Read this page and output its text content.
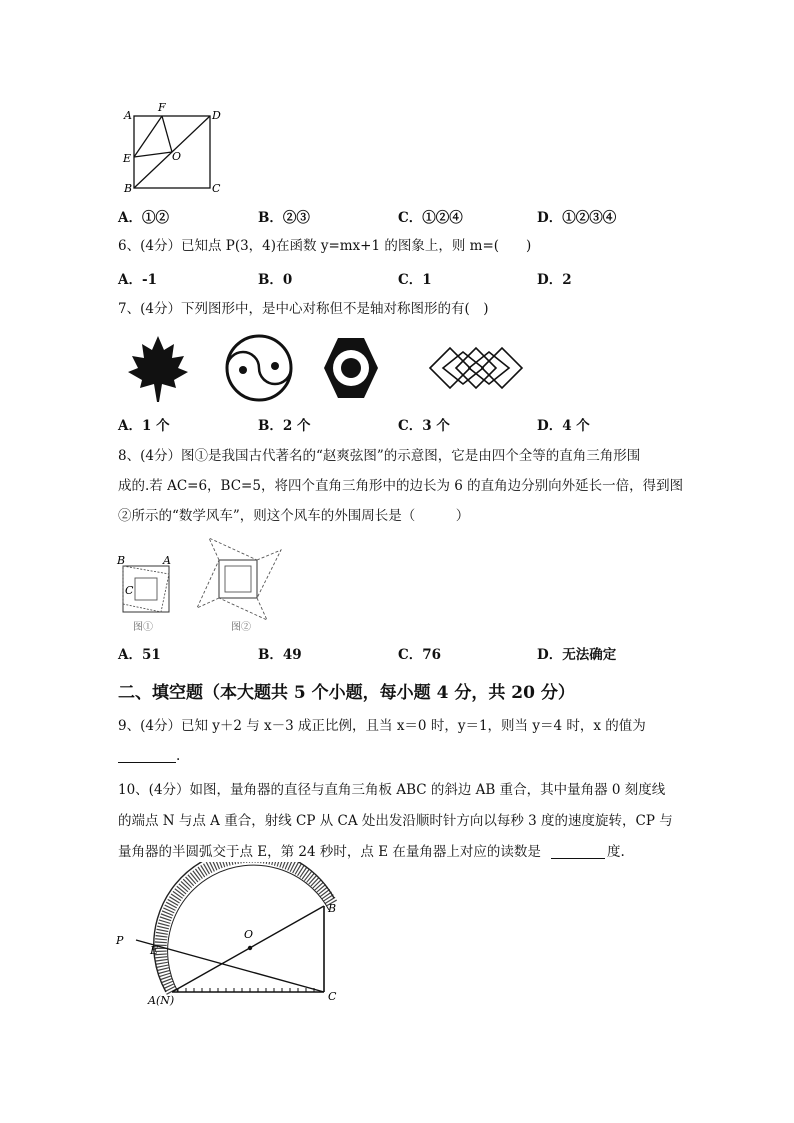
A
F
D
E	O
B	C
A．①②	B．②③	C．①②④	D．①②③④
6、(4分）已知点 P(3，4)在函数 y=mx+1 的图象上，则 m=(　　)
A．-1	B．0	C．1	D．2
7、(4分）下列图形中，是中心对称但不是轴对称图形的有(　)
A．1 个	B．2 个	C．3 个	D．4 个
8、(4分）图①是我国古代著名的“赵爽弦图”的示意图，它是由四个全等的直角三角形围
成的.若 AC=6，BC=5，将四个直角三角形中的边长为 6 的直角边分别向外延长一倍，得到图
②所示的“数学风车”，则这个风车的外围周长是（　　　）
B	A
C
图①	图②
A．51	B．49	C．76	D．无法确定
二、填空题（本大题共 5 个小题，每小题 4 分，共 20 分）
9、(4分）已知 y＋2 与 x－3 成正比例，且当 x＝0 时，y＝1，则当 y＝4 时，x 的值为
.
10、(4分）如图，量角器的直径与直角三角板 ABC 的斜边 AB 重合，其中量角器 0 刻度线
的端点 N 与点 A 重合，射线 CP 从 CA 处出发沿顺时针方向以每秒 3 度的速度旋转，CP 与
量角器的半圆弧交于点 E，第 24 秒时，点 E 在量角器上对应的读数是	度.
P
E
O
B
A(N)	C
